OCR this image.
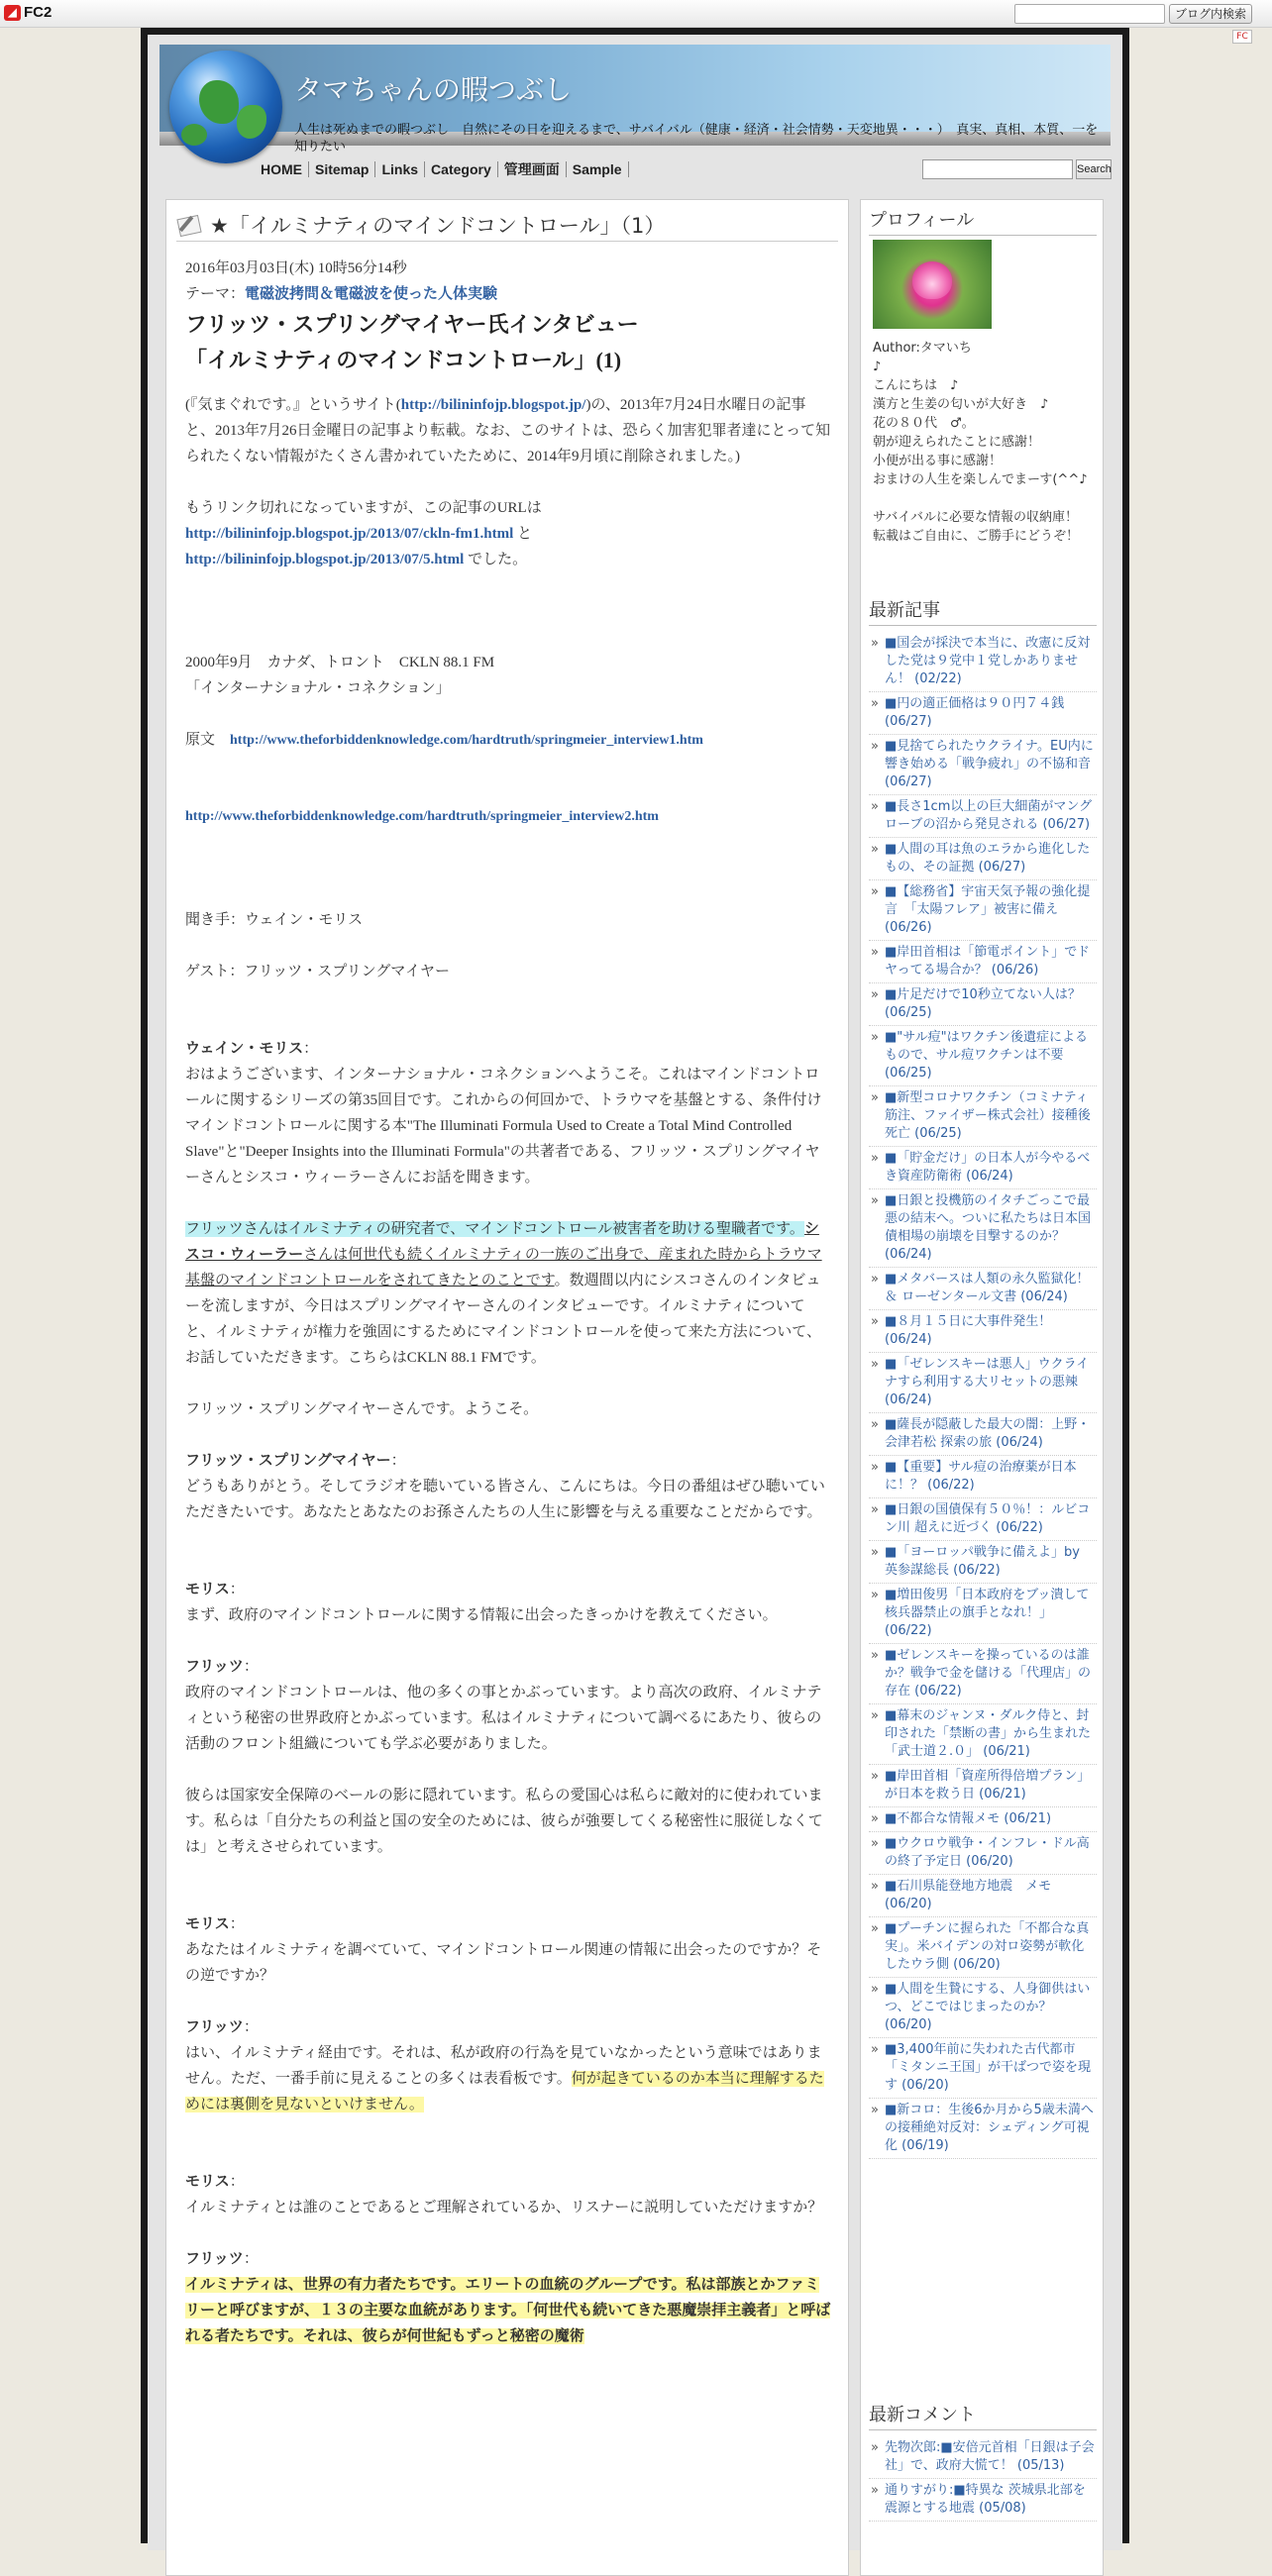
◢ FC2	ブログ内検索
FC
タマちゃんの暇つぶし
人生は死ぬまでの暇つぶし　自然にその日を迎えるまで、サバイバル（健康・経済・社会情勢・天変地異・・・）　真実、真相、本質、一を知りたい
HOME Sitemap Links Category 管理画面 Sample	Search
★「イルミナティのマインドコントロール」（1）

2016年03月03日(木) 10時56分14秒

テーマ：電磁波拷問＆電磁波を使った人体実験

フリッツ・スプリングマイヤー氏インタビュー

「イルミナティのマインドコントロール」(1)

(『気まぐれです。』というサイト(http://bilininfojp.blogspot.jp/)の、2013年7月24日水曜日の記事と、2013年7月26日金曜日の記事より転載。なお、このサイトは、恐らく加害犯罪者達にとって知られたくない情報がたくさん書かれていたために、2014年9月頃に削除されました。)

もうリンク切れになっていますが、この記事のURLは

http://bilininfojp.blogspot.jp/2013/07/ckln-fm1.html と

http://bilininfojp.blogspot.jp/2013/07/5.html でした。

2000年9月　カナダ、トロント　CKLN 88.1 FM

「インターナショナル・コネクション」

原文　http://www.theforbiddenknowledge.com/hardtruth/springmeier_interview1.htm

http://www.theforbiddenknowledge.com/hardtruth/springmeier_interview2.htm

聞き手：ウェイン・モリス

ゲスト：フリッツ・スプリングマイヤー

ウェイン・モリス：

おはようございます、インターナショナル・コネクションへようこそ。これはマインドコントロールに関するシリーズの第35回目です。これからの何回かで、トラウマを基盤とする、条件付けマインドコントロールに関する本"The Illuminati Formula Used to Create a Total Mind Controlled Slave"と"Deeper Insights into the Illuminati Formula"の共著者である、フリッツ・スプリングマイヤーさんとシスコ・ウィーラーさんにお話を聞きます。

フリッツさんはイルミナティの研究者で、マインドコントロール被害者を助ける聖職者です。シスコ・ウィーラーさんは何世代も続くイルミナティの一族のご出身で、産まれた時からトラウマ基盤のマインドコントロールをされてきたとのことです。数週間以内にシスコさんのインタビューを流しますが、今日はスプリングマイヤーさんのインタビューです。イルミナティについてと、イルミナティが権力を強固にするためにマインドコントロールを使って来た方法について、お話していただきます。こちらはCKLN 88.1 FMです。

フリッツ・スプリングマイヤーさんです。ようこそ。

フリッツ・スプリングマイヤー：

どうもありがとう。そしてラジオを聴いている皆さん、こんにちは。今日の番組はぜひ聴いていただきたいです。あなたとあなたのお孫さんたちの人生に影響を与える重要なことだからです。

モリス：

まず、政府のマインドコントロールに関する情報に出会ったきっかけを教えてください。

フリッツ：

政府のマインドコントロールは、他の多くの事とかぶっています。より高次の政府、イルミナティという秘密の世界政府とかぶっています。私はイルミナティについて調べるにあたり、彼らの活動のフロント組織についても学ぶ必要がありました。

彼らは国家安全保障のベールの影に隠れています。私らの愛国心は私らに敵対的に使われています。私らは「自分たちの利益と国の安全のためには、彼らが強要してくる秘密性に服従しなくては」と考えさせられています。

モリス：

あなたはイルミナティを調べていて、マインドコントロール関連の情報に出会ったのですか？その逆ですか？

フリッツ：

はい、イルミナティ経由です。それは、私が政府の行為を見ていなかったという意味ではありません。ただ、一番手前に見えることの多くは表看板です。何が起きているのか本当に理解するためには裏側を見ないといけません。

モリス：

イルミナティとは誰のことであるとご理解されているか、リスナーに説明していただけますか？

フリッツ：

イルミナティは、世界の有力者たちです。エリートの血統のグループです。私は部族とかファミリーと呼びますが、１３の主要な血統があります。「何世代も続いてきた悪魔崇拝主義者」と呼ばれる者たちです。それは、彼らが何世紀もずっと秘密の魔術

プロフィール
Author:タマいち
♪
こんにちは　♪
漢方と生姜の匂いが大好き　♪
花の８０代　♂。
朝が迎えられたことに感謝！
小便が出る事に感謝！
おまけの人生を楽しんでまーす(^^♪
サバイバルに必要な情報の収納庫！
転載はご自由に、ご勝手にどうぞ！
最新記事
» ■国会が採決で本当に、改憲に反対した党は９党中１党しかありません！ (02/22)
» ■円の適正価格は９０円７４銭 (06/27)
» ■見捨てられたウクライナ。EU内に響き始める「戦争疲れ」の不協和音 (06/27)
» ■長さ1cm以上の巨大細菌がマングローブの沼から発見される (06/27)
» ■人間の耳は魚のエラから進化したもの、その証拠 (06/27)
» ■【総務省】宇宙天気予報の強化提言　「太陽フレア」被害に備え (06/26)
» ■岸田首相は「節電ポイント」でドヤってる場合か？ (06/26)
» ■片足だけで10秒立てない人は？ (06/25)
» ■"サル痘"はワクチン後遺症によるもので、サル痘ワクチンは不要 (06/25)
» ■新型コロナワクチン（コミナティ筋注、ファイザー株式会社）接種後死亡 (06/25)
» ■「貯金だけ」の日本人が今やるべき資産防衛術 (06/24)
» ■日銀と投機筋のイタチごっこで最悪の結末へ。ついに私たちは日本国債相場の崩壊を目撃するのか？ (06/24)
» ■メタバースは人類の永久監獄化！ ＆ ローゼンタール文書 (06/24)
» ■８月１５日に大事件発生！ (06/24)
» ■「ゼレンスキーは悪人」ウクライナすら利用する大リセットの悪辣 (06/24)
» ■薩長が隠蔽した最大の闇：上野・会津若松 探索の旅 (06/24)
» ■【重要】サル痘の治療薬が日本に！？ (06/22)
» ■日銀の国債保有５０％！：ルビコン川 超えに近づく (06/22)
» ■「ヨーロッパ戦争に備えよ」by 英参謀総長 (06/22)
» ■増田俊男「日本政府をブッ潰して核兵器禁止の旗手となれ！」 (06/22)
» ■ゼレンスキーを操っているのは誰か？戦争で金を儲ける「代理店」の存在 (06/22)
» ■幕末のジャンヌ・ダルク侍と、封印された「禁断の書」から生まれた「武士道２.０」 (06/21)
» ■岸田首相「資産所得倍増プラン」が日本を救う日 (06/21)
» ■不都合な情報メモ (06/21)
» ■ウクロウ戦争・インフレ・ドル高の終了予定日 (06/20)
» ■石川県能登地方地震　メモ (06/20)
» ■プーチンに握られた「不都合な真実」。米バイデンの対ロ姿勢が軟化したウラ側 (06/20)
» ■人間を生贄にする、人身御供はいつ、どこではじまったのか？ (06/20)
» ■3,400年前に失われた古代都市「ミタンニ王国」が干ばつで姿を現す (06/20)
» ■新コロ：生後6か月から5歳未満への接種絶対反対：シェディング可視化 (06/19)
最新コメント
» 先物次郎:■安倍元首相「日銀は子会社」で、政府大慌て！ (05/13)
» 通りすがり:■特異な 茨城県北部を震源とする地震 (05/08)
